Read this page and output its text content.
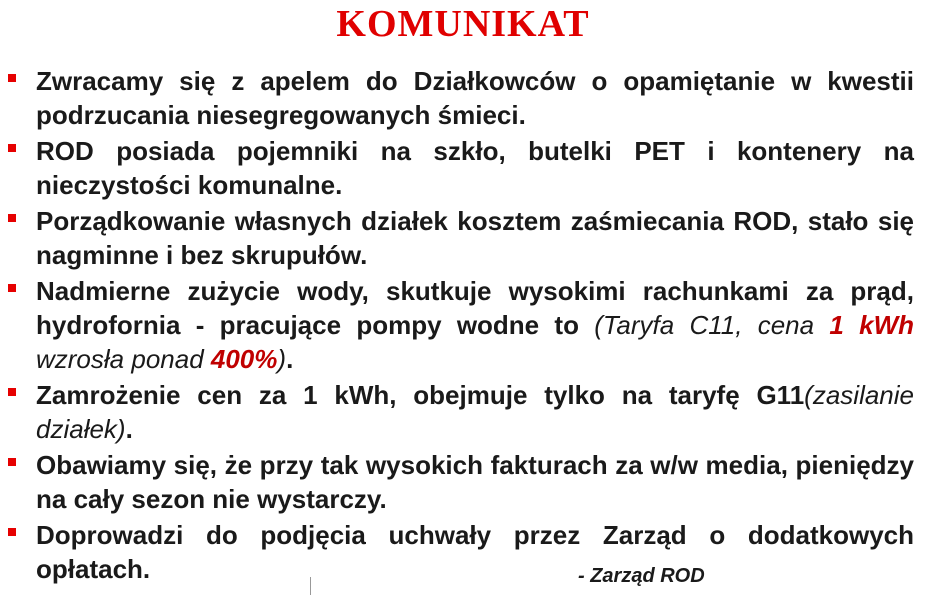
KOMUNIKAT
Zwracamy się z apelem do Działkowców o opamiętanie w kwestii podrzucania niesegregowanych śmieci.
ROD posiada pojemniki na szkło, butelki PET i kontenery na nieczystości komunalne.
Porządkowanie własnych działek kosztem zaśmiecania ROD, stało się nagminne i bez skrupułów.
Nadmierne zużycie wody, skutkuje wysokimi rachunkami za prąd, hydrofornia - pracujące pompy wodne to (Taryfa C11, cena 1 kWh wzrosła ponad 400%).
Zamrożenie cen za 1 kWh, obejmuje tylko na taryfę G11(zasilanie działek).
Obawiamy się, że przy tak wysokich fakturach za w/w media, pieniędzy na cały sezon nie wystarczy.
Doprowadzi do podjęcia uchwały przez Zarząd o dodatkowych opłatach.	- Zarząd ROD
